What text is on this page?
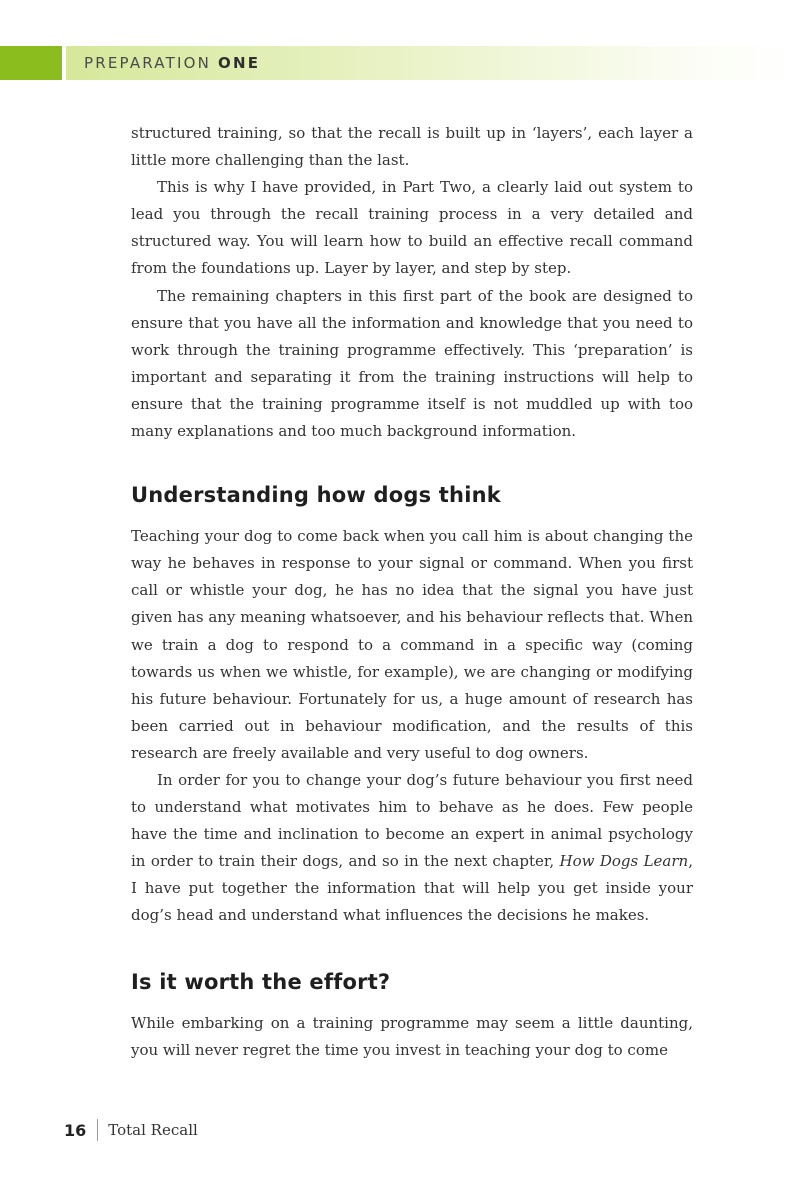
PREPARATION ONE

structured training, so that the recall is built up in ‘layers’, each layer a little more challenging than the last.

This is why I have provided, in Part Two, a clearly laid out system to lead you through the recall training process in a very detailed and structured way. You will learn how to build an effective recall command from the foundations up. Layer by layer, and step by step.

The remaining chapters in this first part of the book are designed to ensure that you have all the information and knowledge that you need to work through the training programme effectively. This ‘preparation’ is important and separating it from the training instructions will help to ensure that the training programme itself is not muddled up with too many explanations and too much background information.

Understanding how dogs think

Teaching your dog to come back when you call him is about changing the way he behaves in response to your signal or command. When you first call or whistle your dog, he has no idea that the signal you have just given has any meaning whatsoever, and his behaviour reflects that. When we train a dog to respond to a command in a specific way (coming towards us when we whistle, for example), we are changing or modifying his future behaviour. Fortunately for us, a huge amount of research has been carried out in behaviour modification, and the results of this research are freely available and very useful to dog owners.

In order for you to change your dog’s future behaviour you first need to understand what motivates him to behave as he does. Few people have the time and inclination to become an expert in animal psychology in order to train their dogs, and so in the next chapter, How Dogs Learn, I have put together the information that will help you get inside your dog’s head and understand what influences the decisions he makes.

Is it worth the effort?

While embarking on a training programme may seem a little daunting, you will never regret the time you invest in teaching your dog to come

16 Total Recall
